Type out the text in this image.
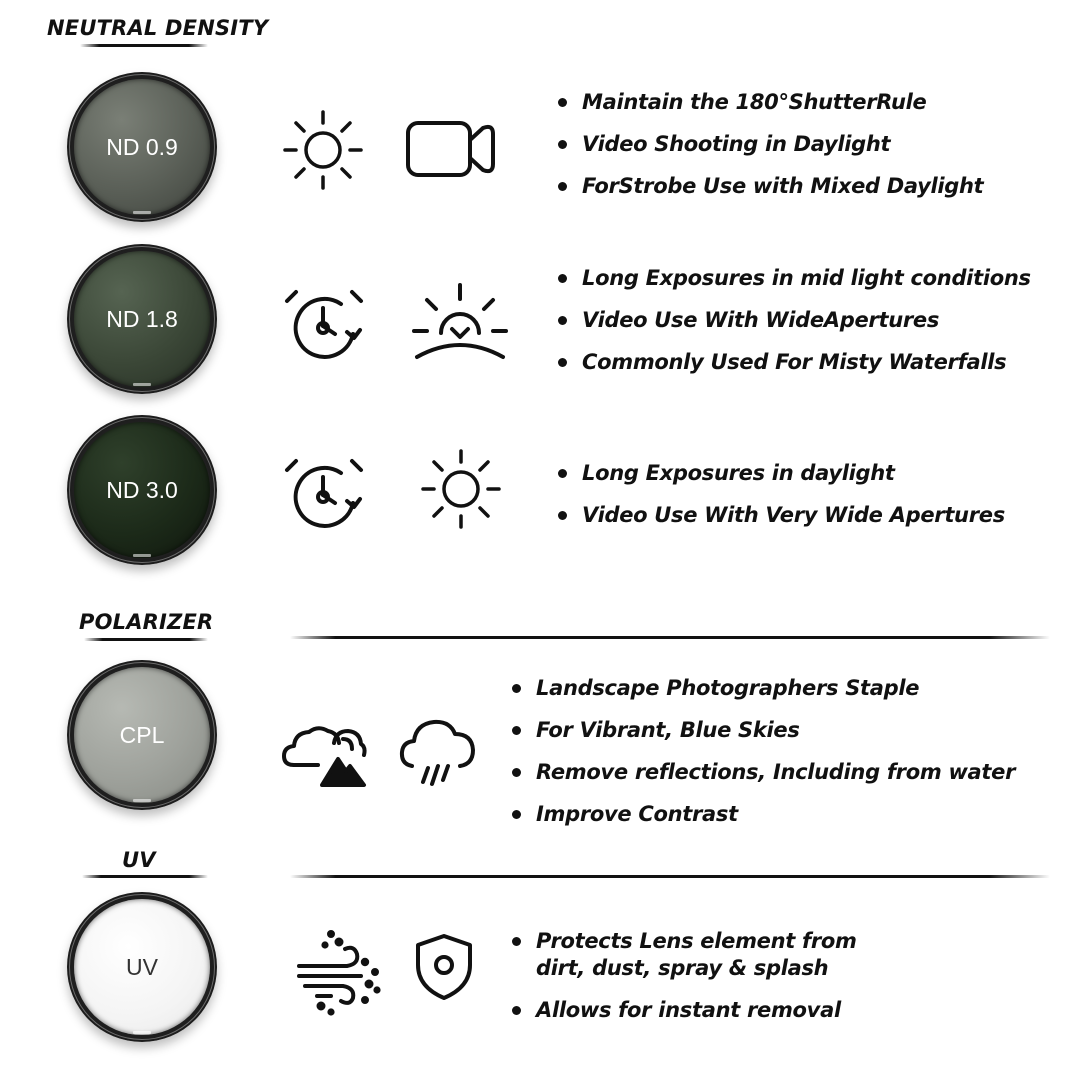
NEUTRAL DENSITY
ND 0.9
Maintain the 180°ShutterRule
Video Shooting in Daylight
ForStrobe Use with Mixed Daylight
ND 1.8
Long Exposures in mid light conditions
Video Use With WideApertures
Commonly Used For Misty Waterfalls
ND 3.0
Long Exposures in daylight
Video Use With Very Wide Apertures
POLARIZER
CPL
Landscape Photographers Staple
For Vibrant, Blue Skies
Remove reflections, Including from water
Improve Contrast
UV
UV
Protects Lens element from dirt, dust, spray & splash
Allows for instant removal
